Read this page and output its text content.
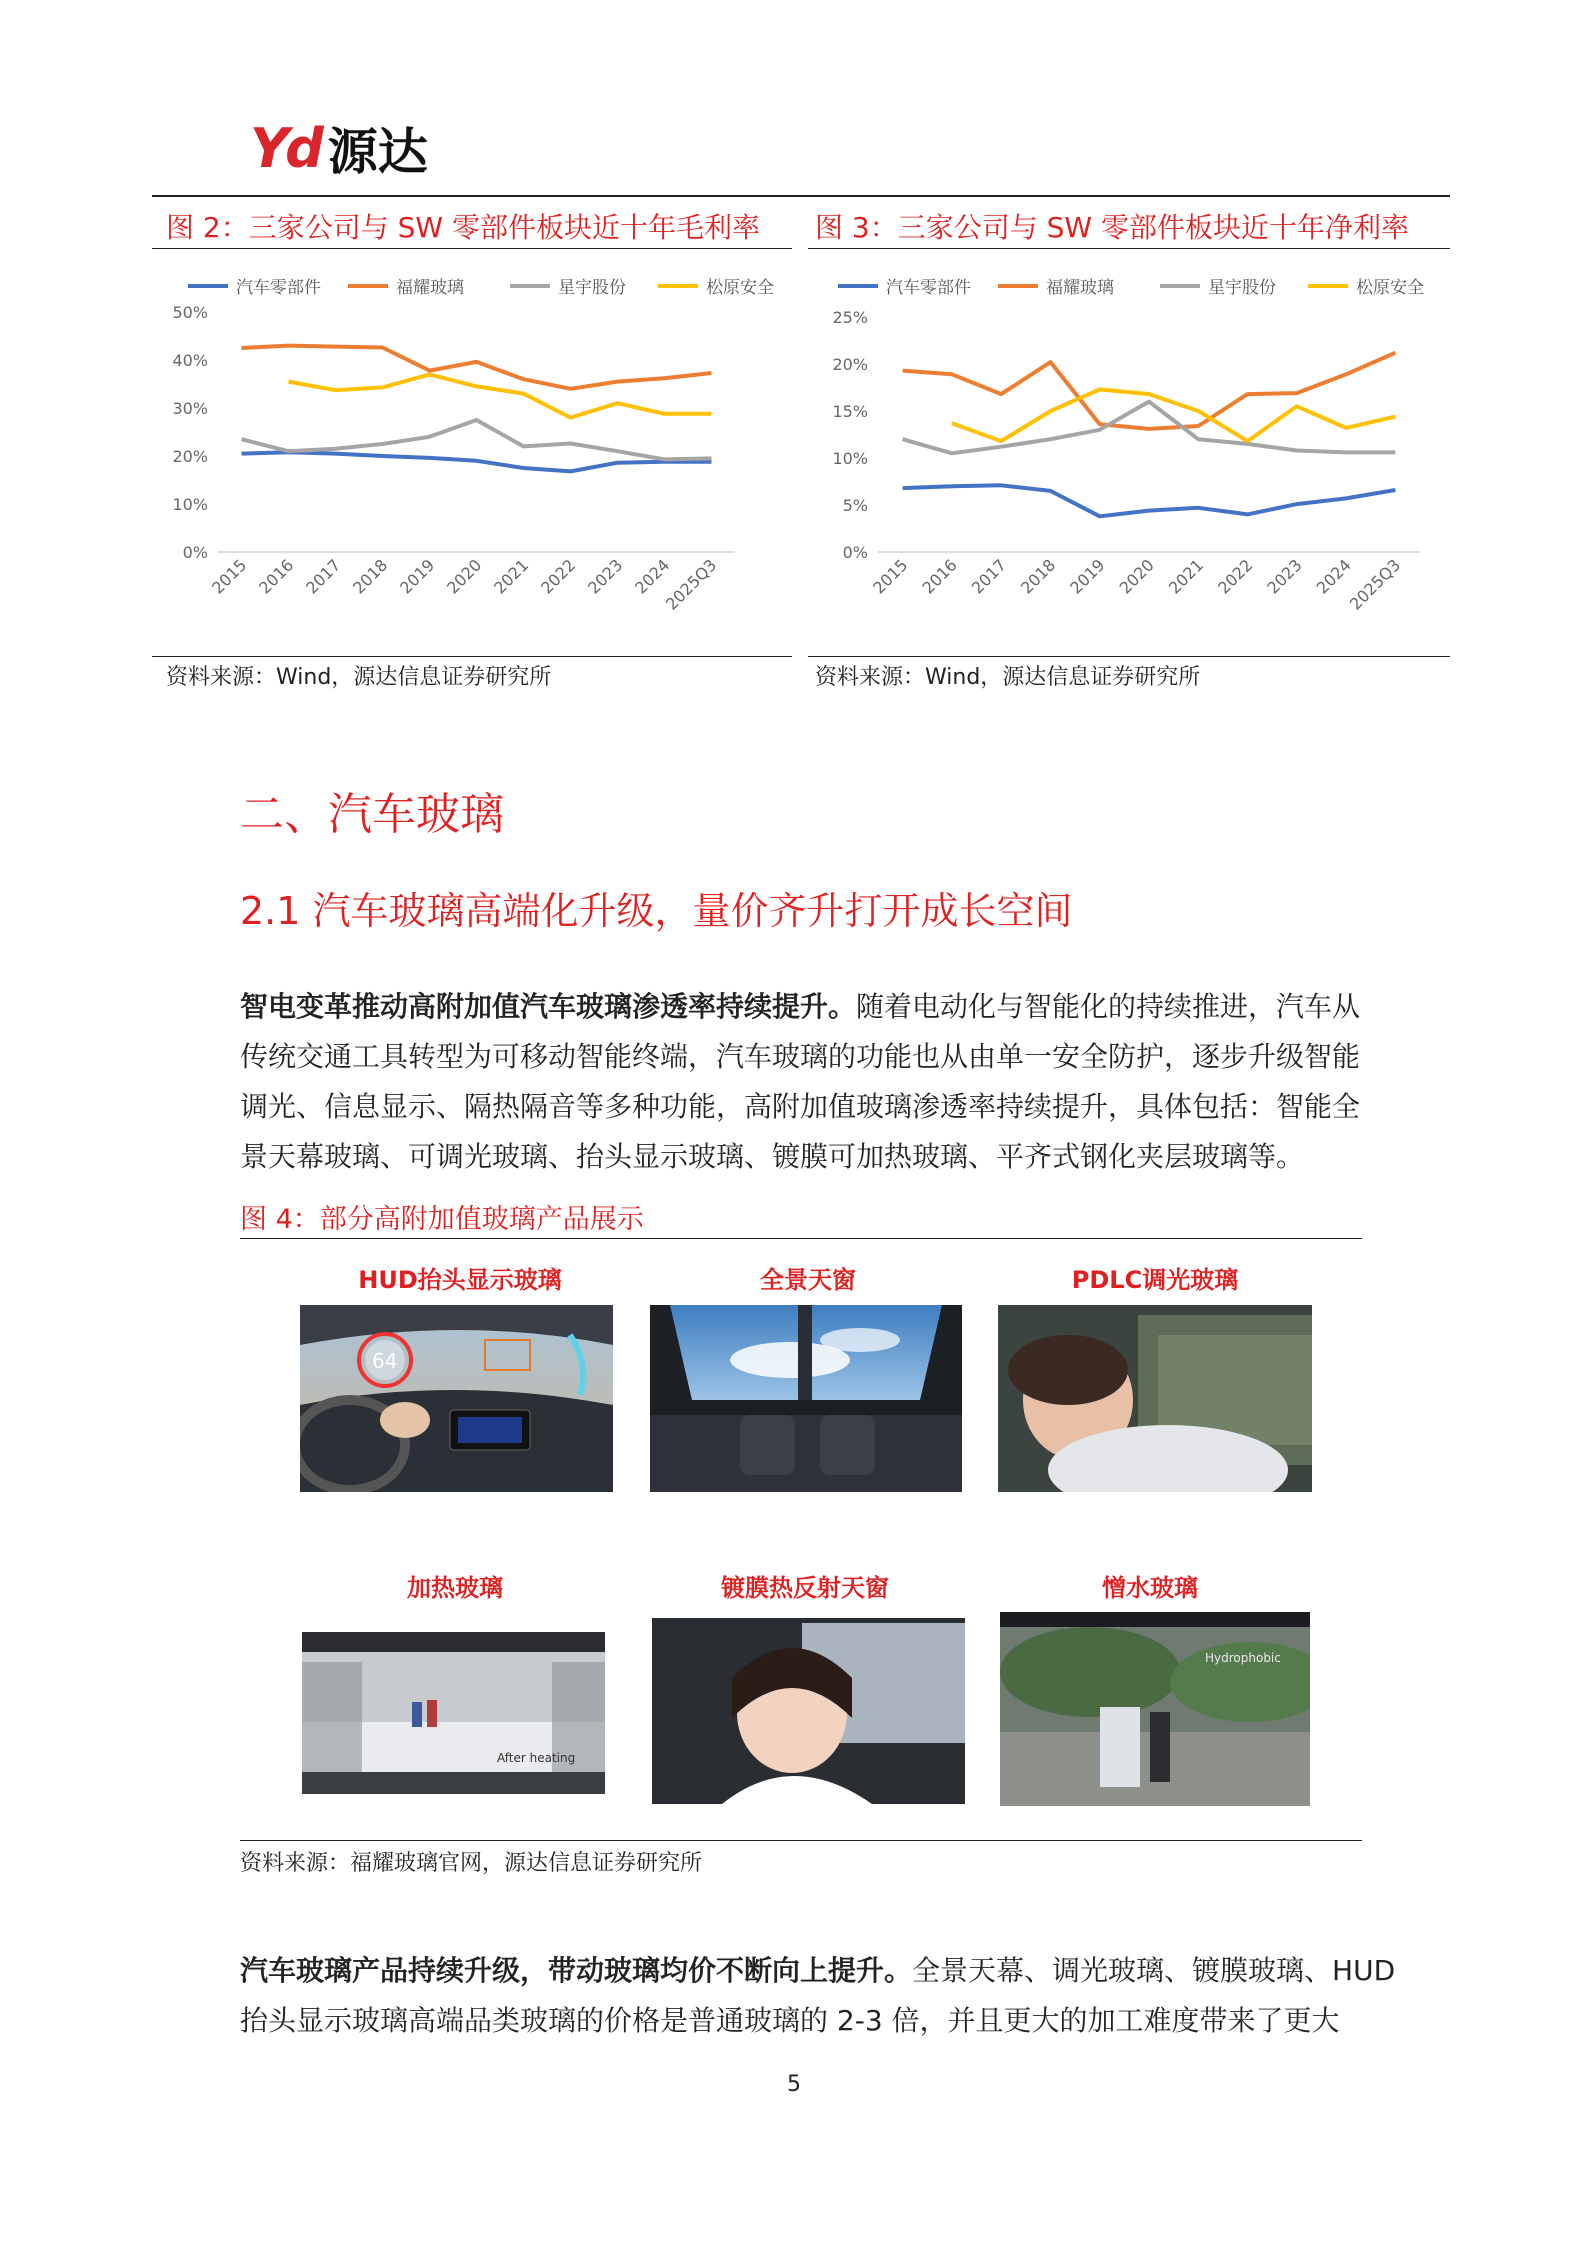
Yd 源达
图 2：三家公司与 SW 零部件板块近十年毛利率
汽车零部件	福耀玻璃	星宇股份	松原安全
0%
10%
20%
30%
40%
50%
2015 2016 2017 2018 2019 2020 2021 2022 2023 2024
2025Q3
资料来源：Wind，源达信息证券研究所
图 3：三家公司与 SW 零部件板块近十年净利率
汽车零部件	福耀玻璃	星宇股份	松原安全
0%
5%
10%
15%
20%
25%
2015 2016 2017 2018 2019 2020 2021 2022 2023 2024
2025Q3
资料来源：Wind，源达信息证券研究所
二、汽车玻璃
2.1 汽车玻璃高端化升级，量价齐升打开成长空间
智电变革推动高附加值汽车玻璃渗透率持续提升。随着电动化与智能化的持续推进，汽车从
传统交通工具转型为可移动智能终端，汽车玻璃的功能也从由单一安全防护，逐步升级智能
调光、信息显示、隔热隔音等多种功能，高附加值玻璃渗透率持续提升，具体包括：智能全
景天幕玻璃、可调光玻璃、抬头显示玻璃、镀膜可加热玻璃、平齐式钢化夹层玻璃等。
图 4：部分高附加值玻璃产品展示
HUD抬头显示玻璃	全景天窗	PDLC调光玻璃
64
加热玻璃	镀膜热反射天窗	憎水玻璃
After heating
Hydrophobic
资料来源：福耀玻璃官网，源达信息证券研究所
汽车玻璃产品持续升级，带动玻璃均价不断向上提升。全景天幕、调光玻璃、镀膜玻璃、HUD
抬头显示玻璃高端品类玻璃的价格是普通玻璃的 2-3 倍，并且更大的加工难度带来了更大
5
